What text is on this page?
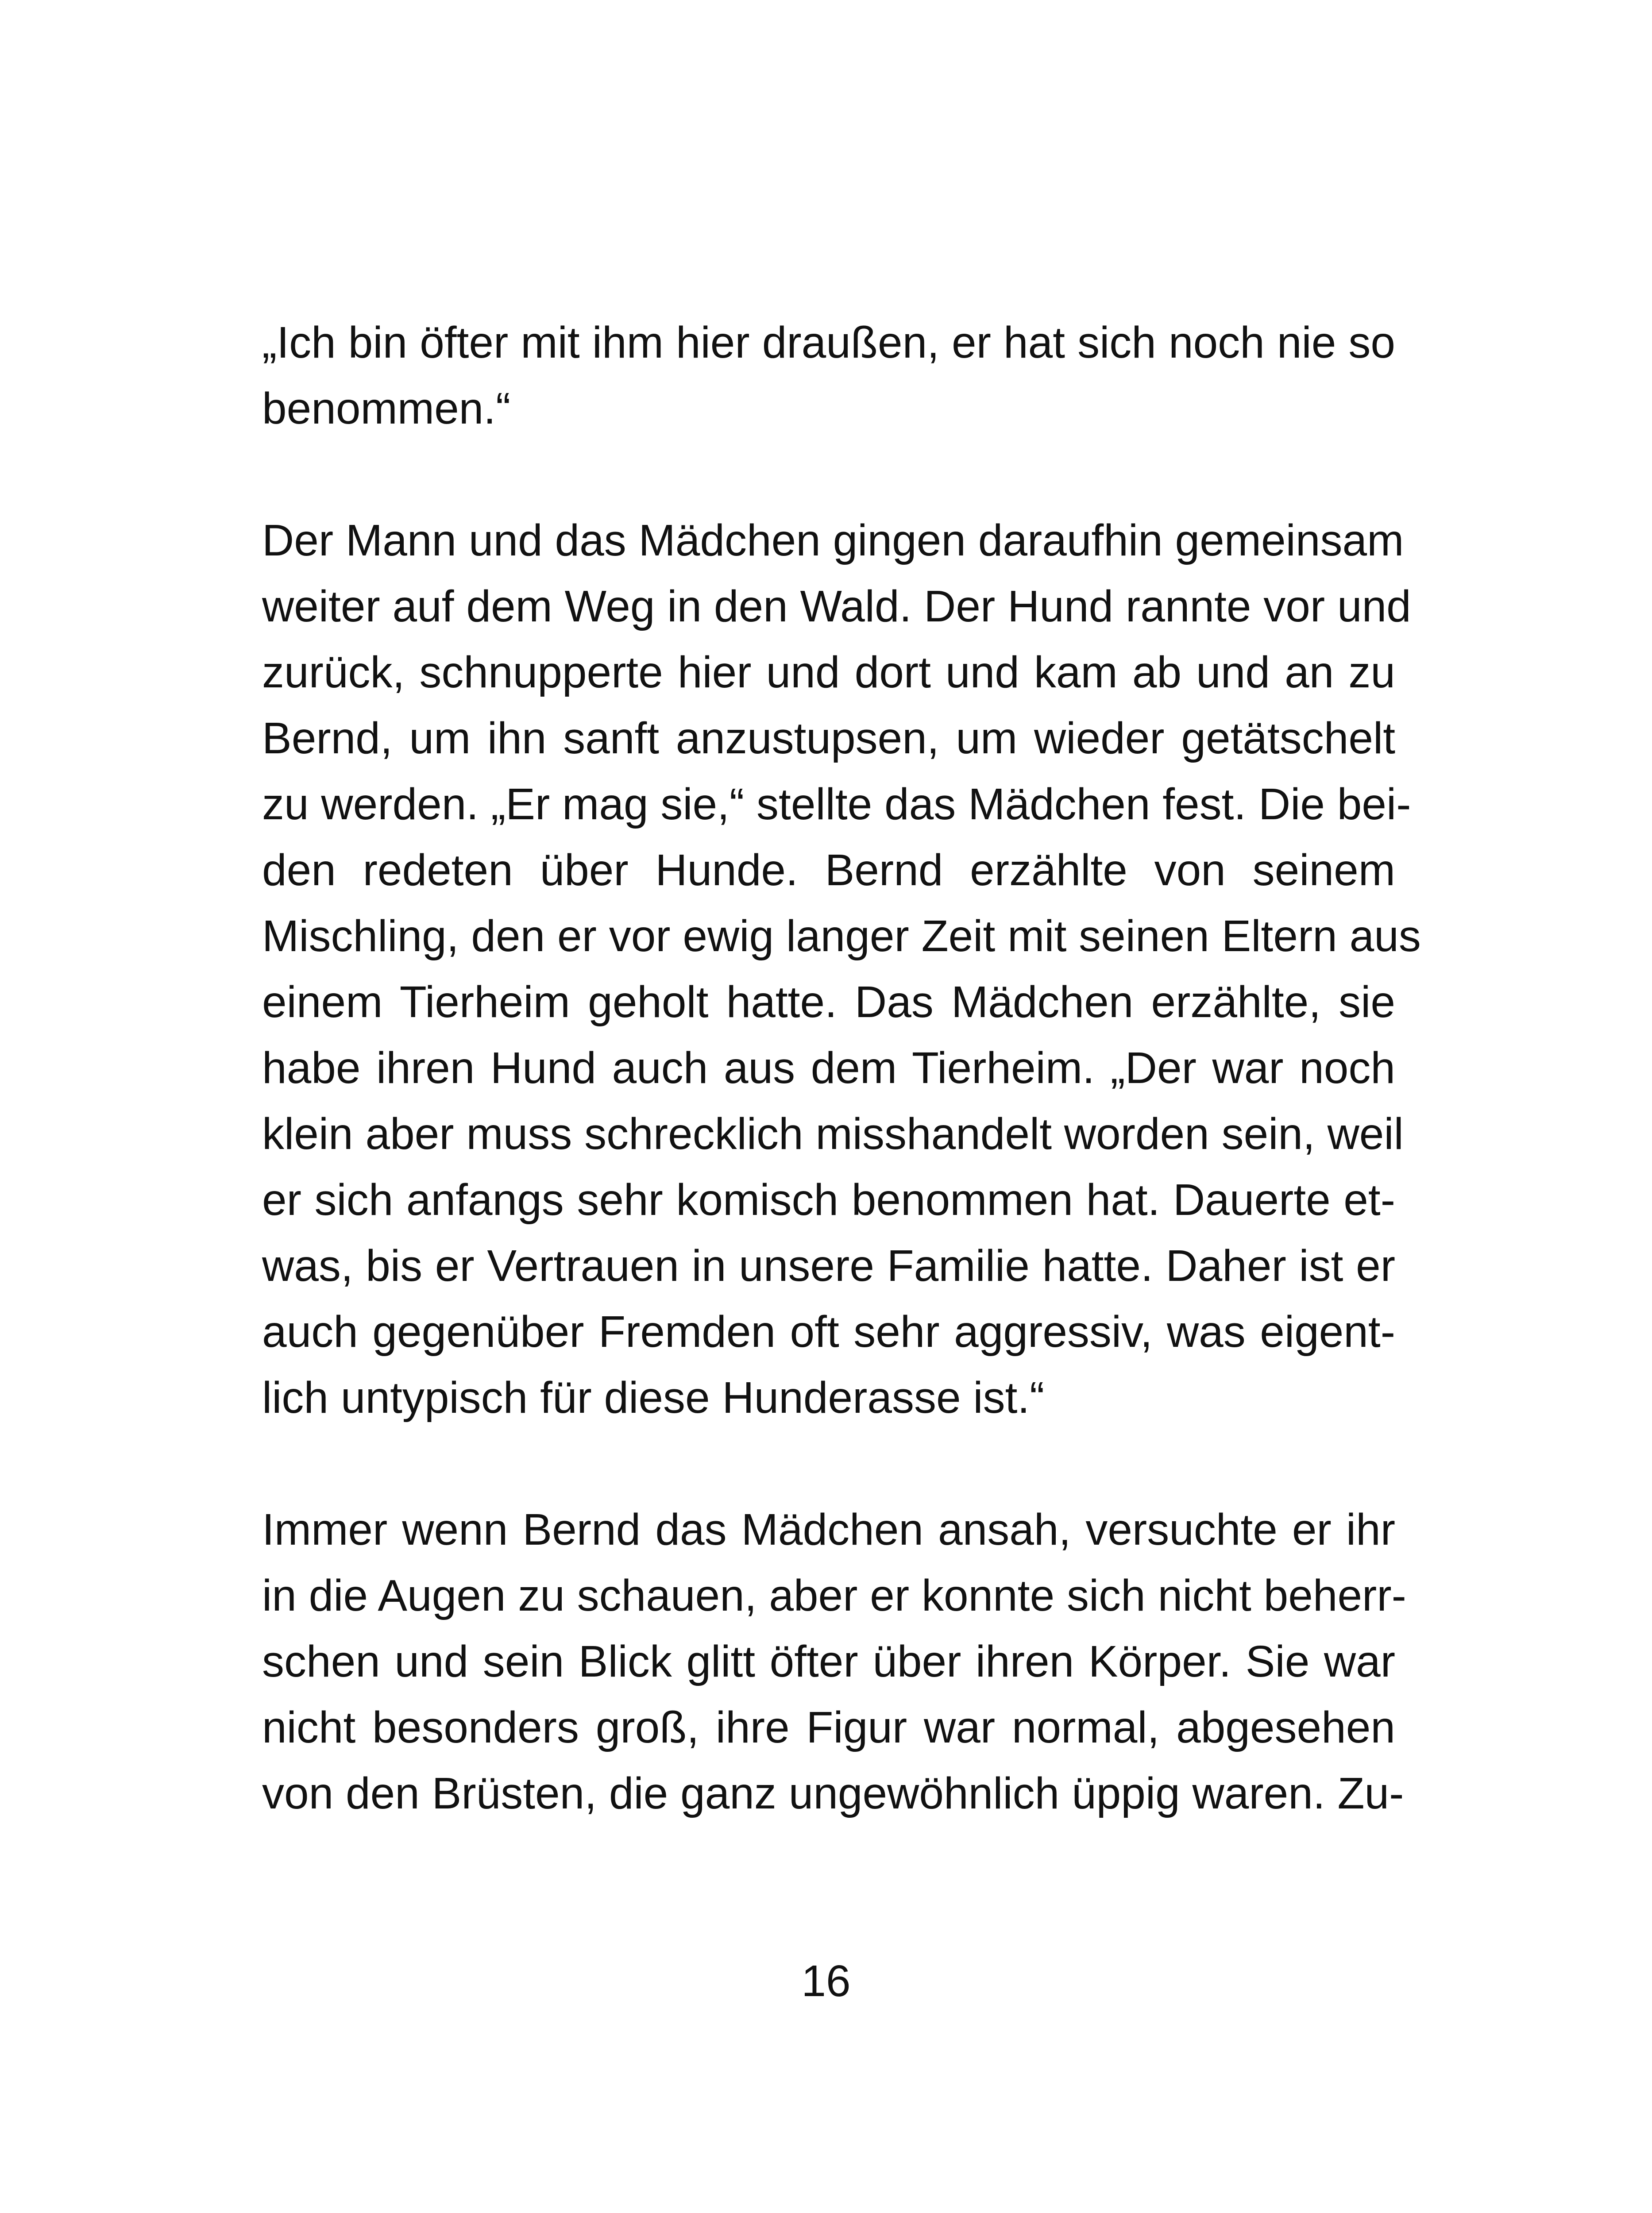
„Ich bin öfter mit ihm hier draußen, er hat sich noch nie so
benommen.“
Der Mann und das Mädchen gingen daraufhin gemeinsam
weiter auf dem Weg in den Wald. Der Hund rannte vor und
zurück, schnupperte hier und dort und kam ab und an zu
Bernd, um ihn sanft anzustupsen, um wieder getätschelt
zu werden. „Er mag sie,“ stellte das Mädchen fest. Die bei-
den redeten über Hunde. Bernd erzählte von seinem
Mischling, den er vor ewig langer Zeit mit seinen Eltern aus
einem Tierheim geholt hatte. Das Mädchen erzählte, sie
habe ihren Hund auch aus dem Tierheim. „Der war noch
klein aber muss schrecklich misshandelt worden sein, weil
er sich anfangs sehr komisch benommen hat. Dauerte et-
was, bis er Vertrauen in unsere Familie hatte. Daher ist er
auch gegenüber Fremden oft sehr aggressiv, was eigent-
lich untypisch für diese Hunderasse ist.“
Immer wenn Bernd das Mädchen ansah, versuchte er ihr
in die Augen zu schauen, aber er konnte sich nicht beherr-
schen und sein Blick glitt öfter über ihren Körper. Sie war
nicht besonders groß, ihre Figur war normal, abgesehen
von den Brüsten, die ganz ungewöhnlich üppig waren. Zu-
16
